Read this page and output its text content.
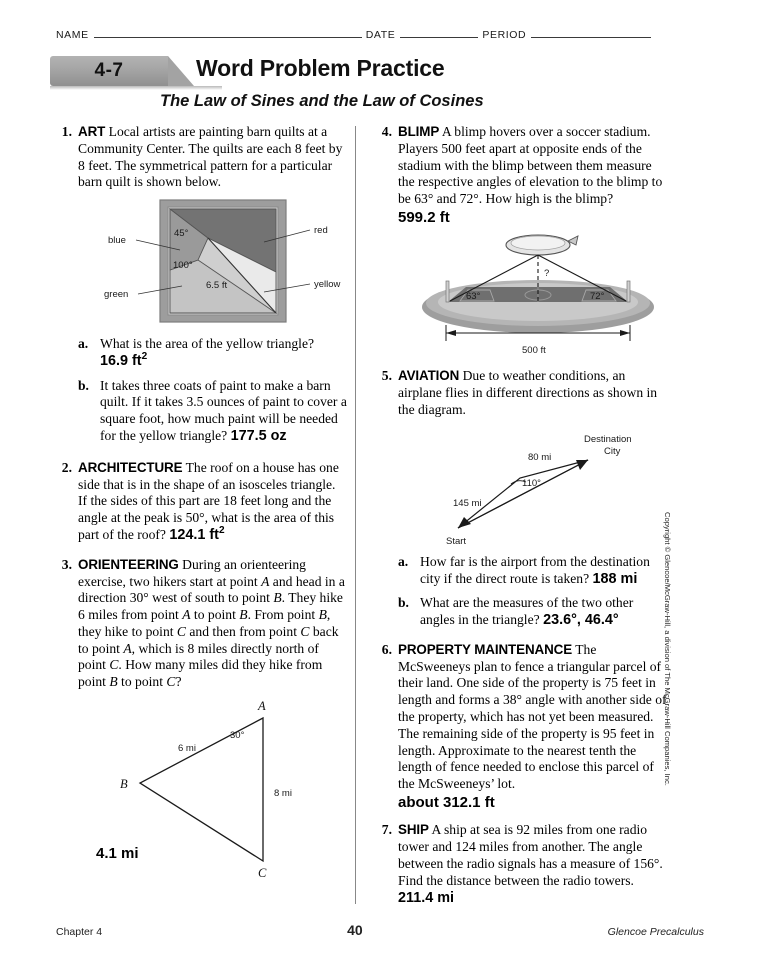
NAME	DATE	PERIOD
4-7	Word Problem Practice
The Law of Sines and the Law of Cosines
1. ART Local artists are painting barn quilts at a Community Center. The quilts are each 8 feet by 8 feet. The symmetrical pattern for a particular barn quilt is shown below.
blue
green
red
yellow
45°
100°
6.5 ft
a. What is the area of the yellow triangle? 16.9 $ft^2$
b. It takes three coats of paint to make a barn quilt. If it takes 3.5 ounces of paint to cover a square foot, how much paint will be needed for the yellow triangle? 177.5 oz
2. ARCHITECTURE The roof on a house has one side that is in the shape of an isosceles triangle. If the sides of this part are 18 feet long and the angle at the peak is 50°, what is the area of this part of the roof? 124.1 $ft^2$
3. ORIENTEERING During an orienteering exercise, two hikers start at point A and head in a direction 30° west of south to point B. They hike 6 miles from point A to point B. From point B, they hike to point C and then from point C back to point A, which is 8 miles directly north of point C. How many miles did they hike from point B to point C?
A
B
C
6 mi
8 mi
30°
4.1 mi
4. BLIMP A blimp hovers over a soccer stadium. Players 500 feet apart at opposite ends of the stadium with the blimp between them measure the respective angles of elevation to the blimp to be 63° and 72°. How high is the blimp?
599.2 ft
?
63°	72°
500 ft
5. AVIATION Due to weather conditions, an airplane flies in different directions as shown in the diagram.
110°
145 mi
80 mi
Start
Destination
City
a. How far is the airport from the destination city if the direct route is taken? 188 mi
b. What are the measures of the two other angles in the triangle? 23.6°, 46.4°
6. PROPERTY MAINTENANCE The McSweeneys plan to fence a triangular parcel of their land. One side of the property is 75 feet in length and forms a 38° angle with another side of the property, which has not yet been measured. The remaining side of the property is 95 feet in length. Approximate to the nearest tenth the length of fence needed to enclose this parcel of the McSweeneys’ lot.
about 312.1 ft
7. SHIP A ship at sea is 92 miles from one radio tower and 124 miles from another. The angle between the radio signals has a measure of 156°. Find the distance between the radio towers. 211.4 mi
Copyright © Glencoe/McGraw-Hill, a division of The McGraw-Hill Companies, Inc.
Chapter 4	40	Glencoe Precalculus
